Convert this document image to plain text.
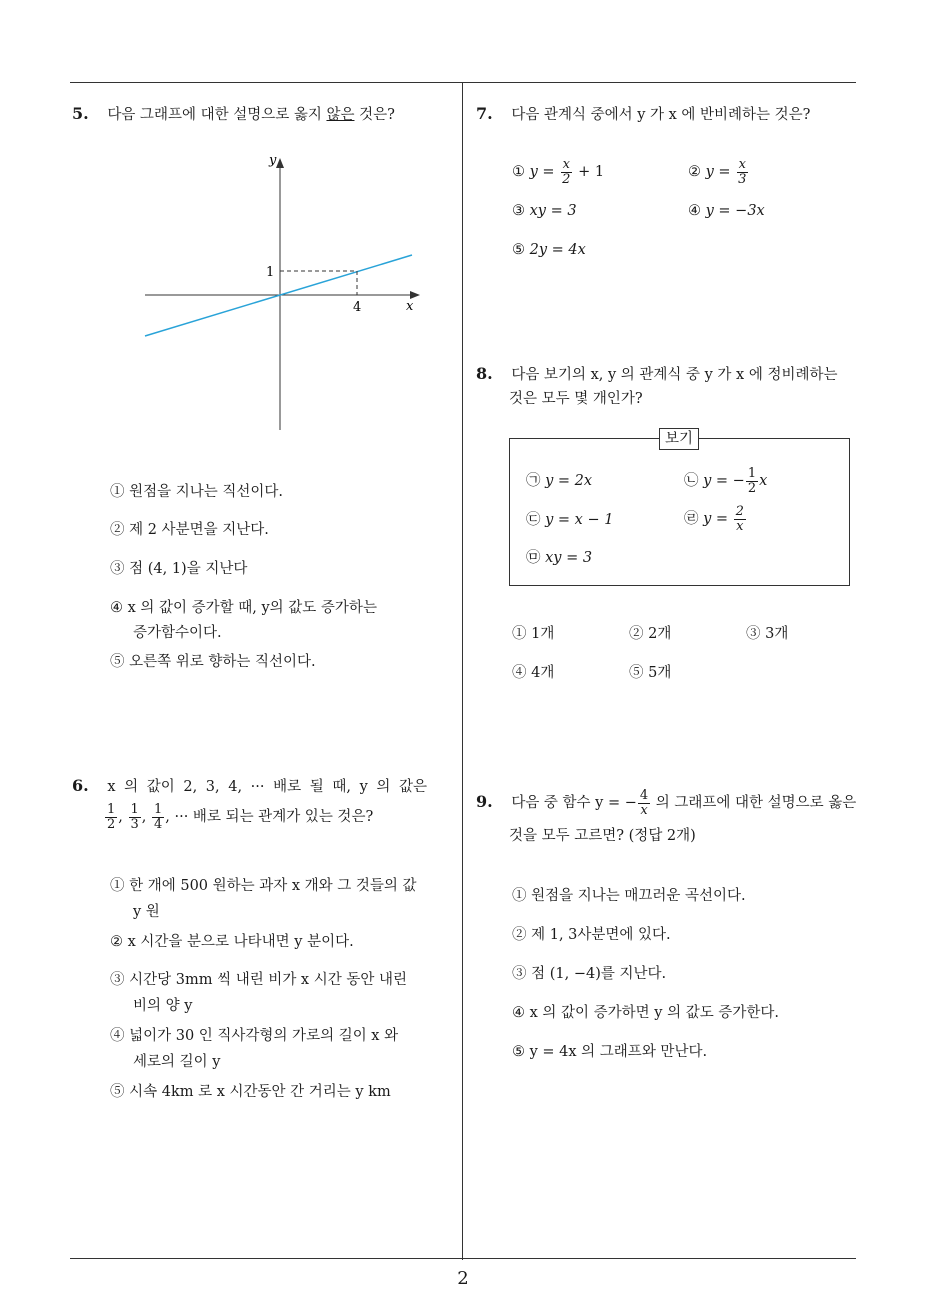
5. 다음 그래프에 대한 설명으로 옳지 않은 것은?
y
x
1
4
① 원점을 지나는 직선이다.
② 제 2 사분면을 지난다.
③ 점 (4, 1)을 지난다
④ x 의 값이 증가할 때, y의 값도 증가하는
증가함수이다.
⑤ 오른쪽 위로 향하는 직선이다.
6. x 의 값이 2, 3, 4, ··· 배로 될 때, y 의 값은
$\frac{1}{2}$ , $\frac{1}{3}$ , $\frac{1}{4}$ , ··· 배로 되는 관계가 있는 것은?
① 한 개에 500 원하는 과자 x 개와 그 것들의 값
y 원
② x 시간을 분으로 나타내면 y 분이다.
③ 시간당 3mm 씩 내린 비가 x 시간 동안 내린
비의 양 y
④ 넓이가 30 인 직사각형의 가로의 길이 x 와
세로의 길이 y
⑤ 시속 4km 로 x 시간동안 간 거리는 y km
7. 다음 관계식 중에서 y 가 x 에 반비례하는 것은?
① $y = \frac{x}{2} + 1$	② $y = \frac{x}{3}$
③ xy = 3	④ y = −3x
⑤ 2y = 4x
8. 다음 보기의 x, y 의 관계식 중 y 가 x 에 정비례하는
것은 모두 몇 개인가?
보기
㉠ y = 2x	㉡ y = − $\frac{1}{2}$ x
㉢ y = x − 1	㉣ $y = \frac{2}{x}$
㉤ xy = 3
① 1개	② 2개	③ 3개
④ 4개	⑤ 5개
9. 다음 중 함수 y = − $\frac{4}{x}$ 의 그래프에 대한 설명으로 옳은
것을 모두 고르면? (정답 2개)
① 원점을 지나는 매끄러운 곡선이다.
② 제 1, 3사분면에 있다.
③ 점 (1, −4)를 지난다.
④ x 의 값이 증가하면 y 의 값도 증가한다.
⑤ y = 4x 의 그래프와 만난다.
2
